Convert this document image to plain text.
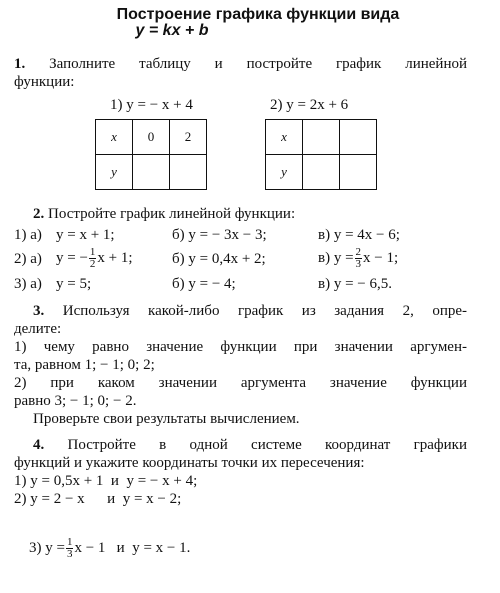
Построение графика функции вида
y = kx + b
1. Заполните таблицу и постройте график линейной
функции:
1) y = − x + 4	2) y = 2x + 6
x	0	2
y		
x		
y		
2. Постройте график линейной функции:
1) а) y = x + 1;	б) y = − 3x − 3;	в) y = 4x − 6;
2) а) y = − $\frac{1}{2}$ x + 1;	б) y = 0,4x + 2;	в) $y = \frac{2}{3}$ x − 1;
3) а) y = 5;	б) y = − 4;	в) y = − 6,5.
3. Используя какой-либо график из задания 2, опре-
делите:
1) чему равно значение функции при значении аргумен-
та, равном 1; − 1; 0; 2;
2) при каком значении аргумента значение функции
равно 3; − 1; 0; − 2.
Проверьте свои результаты вычислением.
4. Постройте в одной системе координат графики
функций и укажите координаты точки их пересечения:
1) y = 0,5x + 1  и  y = − x + 4;
2) y = 2 − x      и  y = x − 2;

3) $y = \frac{1}{3}$ x − 1   и  y = x − 1.
